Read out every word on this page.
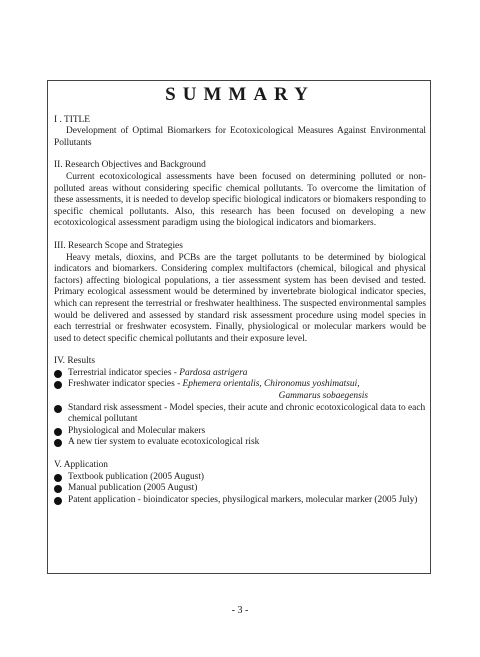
SUMMARY
I . TITLE

Development of Optimal Biomarkers for Ecotoxicological Measures Against Environmental Pollutants

II. Research Objectives and Background

Current ecotoxicological assessments have been focused on determining polluted or non-polluted areas without considering specific chemical pollutants. To overcome the limitation of these assessments, it is needed to develop specific biological indicators or biomakers responding to specific chemical pollutants. Also, this research has been focused on developing a new ecotoxicological assessment paradigm using the biological indicators and biomarkers.

III. Research Scope and Strategies

Heavy metals, dioxins, and PCBs are the target pollutants to be determined by biological indicators and biomarkers. Considering complex multifactors (chemical, bilogical and physical factors) affecting biological populations, a tier assessment system has been devised and tested. Primary ecological assessment would be determined by invertebrate biological indicator species, which can represent the terrestrial or freshwater healthiness. The suspected environmental samples would be delivered and assessed by standard risk assessment procedure using model species in each terrestrial or freshwater ecosystem. Finally, physiological or molecular markers would be used to detect specific chemical pollutants and their exposure level.

IV. Results
Terrestrial indicator species - Pardosa astrigera
Freshwater indicator species - Ephemera orientalis, Chironomus yoshimatsui,
Gammarus sobaegensis
Standard risk assessment - Model species, their acute and chronic ecotoxicological data to each chemical pollutant
Physiological and Molecular makers
A new tier system to evaluate ecotoxicological risk
V. Application
Textbook publication (2005 August)
Manual publication (2005 August)
Patent application - bioindicator species, physilogical markers, molecular marker (2005 July)
- 3 -
